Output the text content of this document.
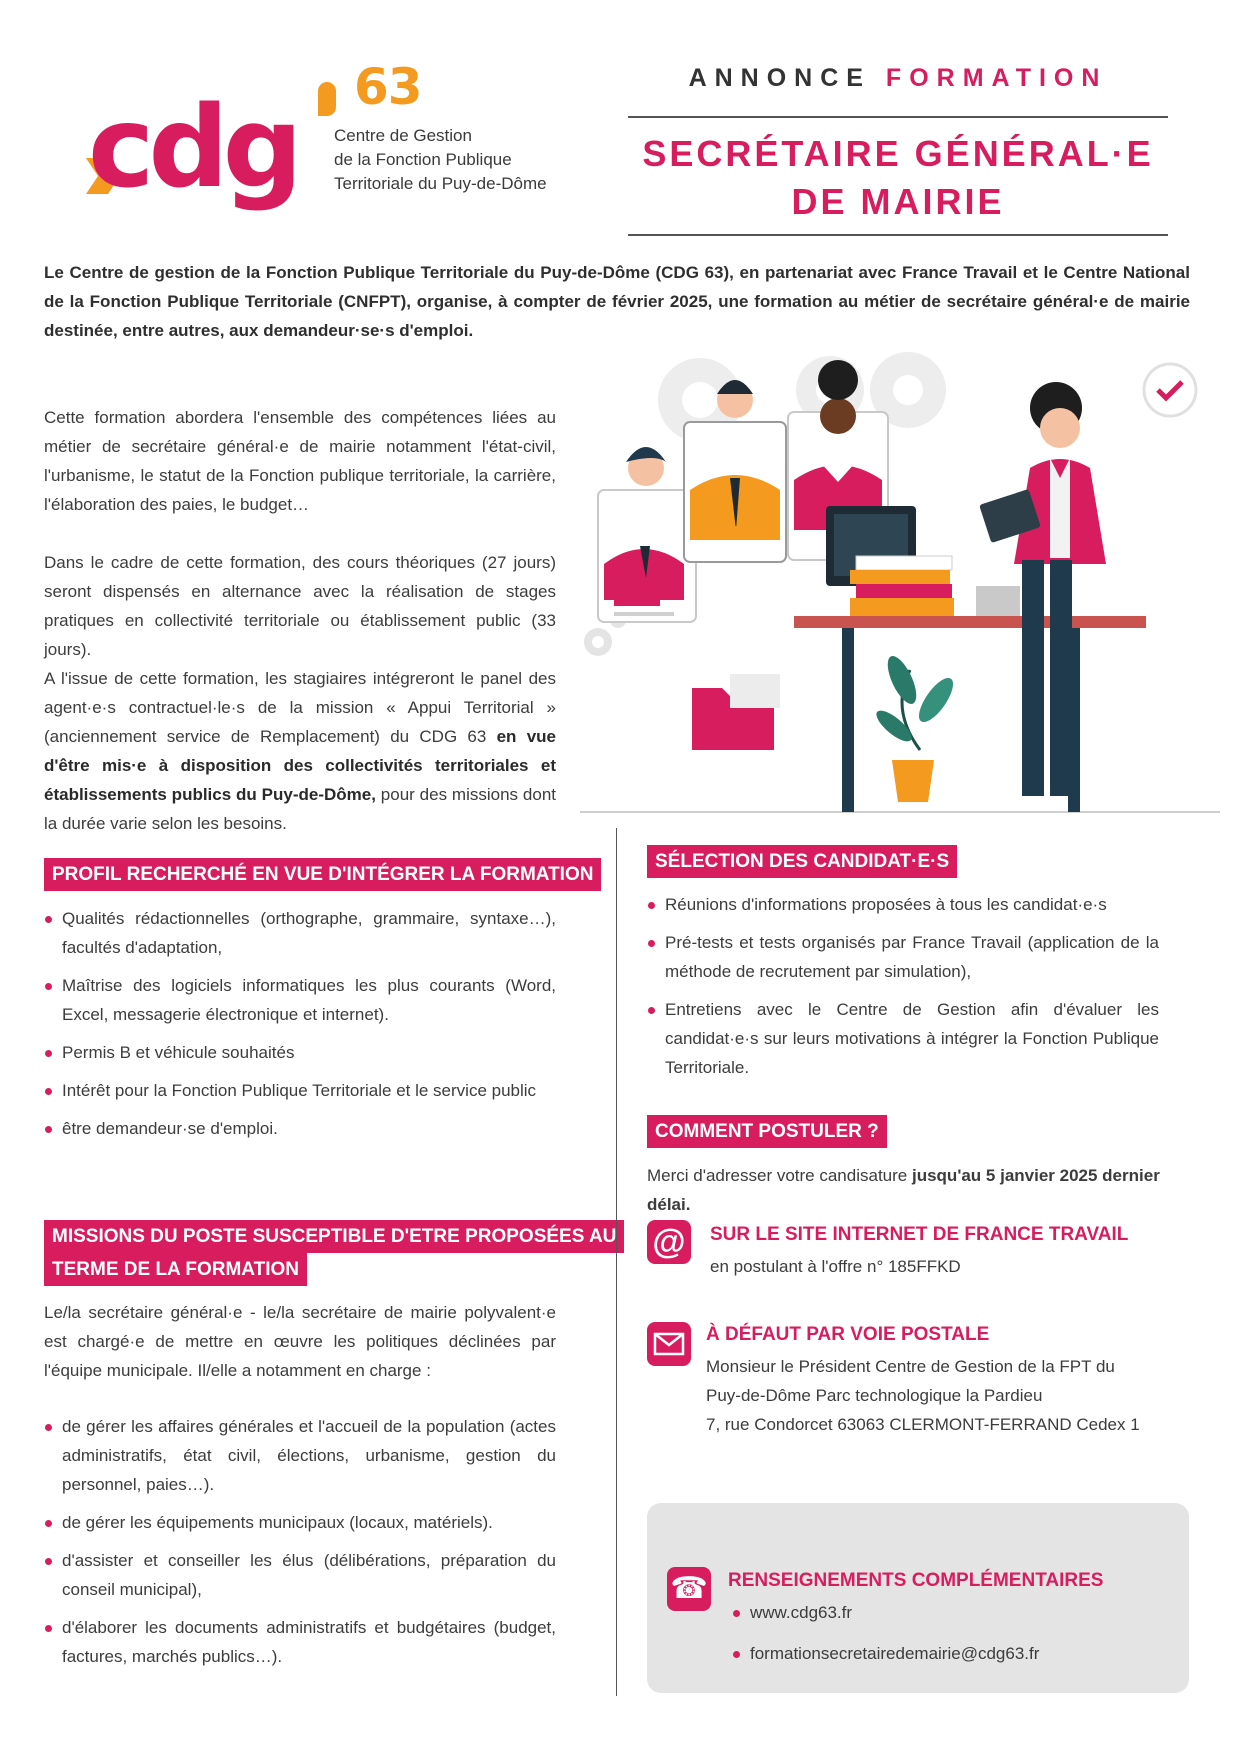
cdg 63
Centre de Gestion
de la Fonction Publique
Territoriale du Puy-de-Dôme
ANNONCE FORMATION
SECRÉTAIRE GÉNÉRAL·E
DE MAIRIE
Le Centre de gestion de la Fonction Publique Territoriale du Puy-de-Dôme (CDG 63), en partenariat avec France Travail et le Centre National de la Fonction Publique Territoriale (CNFPT), organise, à compter de février 2025, une formation au métier de secrétaire général·e de mairie destinée, entre autres, aux demandeur·se·s d'emploi.
Cette formation abordera l'ensemble des compétences liées au métier de secrétaire général·e de mairie notamment l'état-civil, l'urbanisme, le statut de la Fonction publique territoriale, la carrière, l'élaboration des paies, le budget…
Dans le cadre de cette formation, des cours théoriques (27 jours) seront dispensés en alternance avec la réalisation de stages pratiques en collectivité territoriale ou établissement public (33 jours).
A l'issue de cette formation, les stagiaires intégreront le panel des agent·e·s contractuel·le·s de la mission « Appui Territorial » (anciennement service de Remplacement) du CDG 63 en vue d'être mis·e à disposition des collectivités territoriales et établissements publics du Puy-de-Dôme, pour des missions dont la durée varie selon les besoins.
PROFIL RECHERCHÉ EN VUE D'INTÉGRER LA FORMATION
Qualités rédactionnelles (orthographe, grammaire, syntaxe…), facultés d'adaptation,
Maîtrise des logiciels informatiques les plus courants (Word, Excel, messagerie électronique et internet).
Permis B et véhicule souhaités
Intérêt pour la Fonction Publique Territoriale et le service public
être demandeur·se d'emploi.
MISSIONS DU POSTE SUSCEPTIBLE D'ETRE PROPOSÉES AU
TERME DE LA FORMATION
Le/la secrétaire général·e - le/la secrétaire de mairie polyvalent·e est chargé·e de mettre en œuvre les politiques déclinées par l'équipe municipale. Il/elle a notamment en charge :
de gérer les affaires générales et l'accueil de la population (actes administratifs, état civil, élections, urbanisme, gestion du personnel, paies…).
de gérer les équipements municipaux (locaux, matériels).
d'assister et conseiller les élus (délibérations, préparation du conseil municipal),
d'élaborer les documents administratifs et budgétaires (budget, factures, marchés publics…).
SÉLECTION DES CANDIDAT·E·S
Réunions d'informations proposées à tous les candidat·e·s
Pré-tests et tests organisés par France Travail (application de la méthode de recrutement par simulation),
Entretiens avec le Centre de Gestion afin d'évaluer les candidat·e·s sur leurs motivations à intégrer la Fonction Publique Territoriale.
COMMENT POSTULER ?
Merci d'adresser votre candisature jusqu'au 5 janvier 2025 dernier délai.
@ SUR LE SITE INTERNET DE FRANCE TRAVAIL
en postulant à l'offre n° 185FFKD
À DÉFAUT PAR VOIE POSTALE
Monsieur le Président Centre de Gestion de la FPT du
Puy-de-Dôme Parc technologique la Pardieu
7, rue Condorcet 63063 CLERMONT-FERRAND Cedex 1
☎ RENSEIGNEMENTS COMPLÉMENTAIRES
www.cdg63.fr
formationsecretairedemairie@cdg63.fr
